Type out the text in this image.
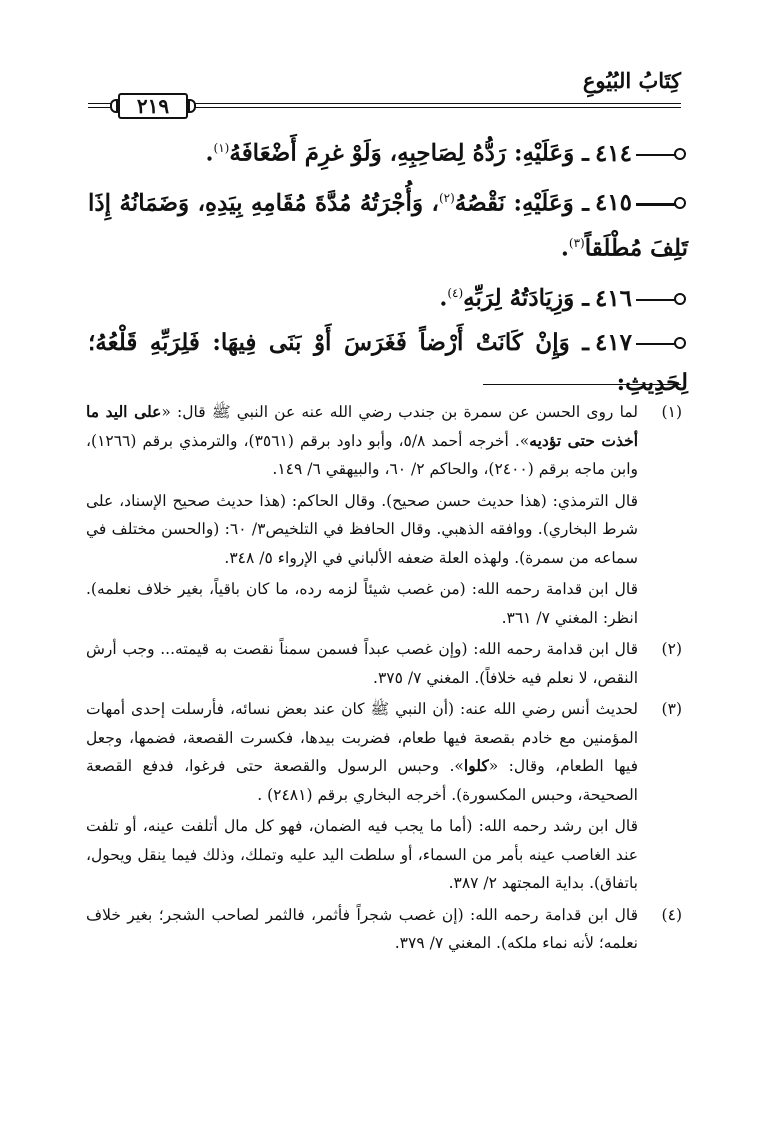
كِتَابُ البُيُوعِ
٢١٩
٤١٤ـ وَعَلَيْهِ: رَدُّهُ لِصَاحِبِهِ، وَلَوْ غرِمَ أَضْعَافَهُ$^{(١)}$.
٤١٥ـ وَعَلَيْهِ: نَقْصُهُ$^{(٢)}$، وَأُجْرَتُهُ مُدَّةَ مُقَامِهِ بِيَدِهِ، وَضَمَانُهُ إِذَا تَلِفَ مُطْلَقاً$^{(٣)}$.
٤١٦ـ وَزِيَادَتُهُ لِرَبِّهِ$^{(٤)}$.
٤١٧ـ وَإِنْ كَانَتْ أَرْضاً فَغَرَسَ أَوْ بَنَى فِيهَا: فَلِرَبِّهِ قَلْعُهُ؛ لِحَدِيثِ:
(١)

لما روى الحسن عن سمرة بن جندب رضي الله عنه عن النبي ﷺ قال: «على اليد ما أخذت حتى تؤديه». أخرجه أحمد ٥/٨، وأبو داود برقم (٣٥٦١)، والترمذي برقم (١٢٦٦)، وابن ماجه برقم (٢٤٠٠)، والحاكم ٢/ ٦٠، والبيهقي ٦/ ١٤٩.

قال الترمذي: (هذا حديث حسن صحيح). وقال الحاكم: (هذا حديث صحيح الإسناد، على شرط البخاري). ووافقه الذهبي. وقال الحافظ في التلخيص٣/ ٦٠: (والحسن مختلف في سماعه من سمرة). ولهذه العلة ضعفه الألباني في الإرواء ٥/ ٣٤٨.

قال ابن قدامة رحمه الله: (من غصب شيئاً لزمه رده، ما كان باقياً، بغير خلاف نعلمه). انظر: المغني ٧/ ٣٦١.

(٢)

قال ابن قدامة رحمه الله: (وإن غصب عبداً فسمن سمناً نقصت به قيمته... وجب أرش النقص، لا نعلم فيه خلافاً). المغني ٧/ ٣٧٥.

(٣)

لحديث أنس رضي الله عنه: (أن النبي ﷺ كان عند بعض نسائه، فأرسلت إحدى أمهات المؤمنين مع خادم بقصعة فيها طعام، فضربت بيدها، فكسرت القصعة، فضمها، وجعل فيها الطعام، وقال: «كلوا». وحبس الرسول والقصعة حتى فرغوا، فدفع القصعة الصحيحة، وحبس المكسورة). أخرجه البخاري برقم (٢٤٨١) .

قال ابن رشد رحمه الله: (أما ما يجب فيه الضمان، فهو كل مال أتلفت عينه، أو تلفت عند الغاصب عينه بأمر من السماء، أو سلطت اليد عليه وتملك، وذلك فيما ينقل ويحول، باتفاق). بداية المجتهد ٢/ ٣٨٧.

(٤)

قال ابن قدامة رحمه الله: (إن غصب شجراً فأثمر، فالثمر لصاحب الشجر؛ بغير خلاف نعلمه؛ لأنه نماء ملكه). المغني ٧/ ٣٧٩.
